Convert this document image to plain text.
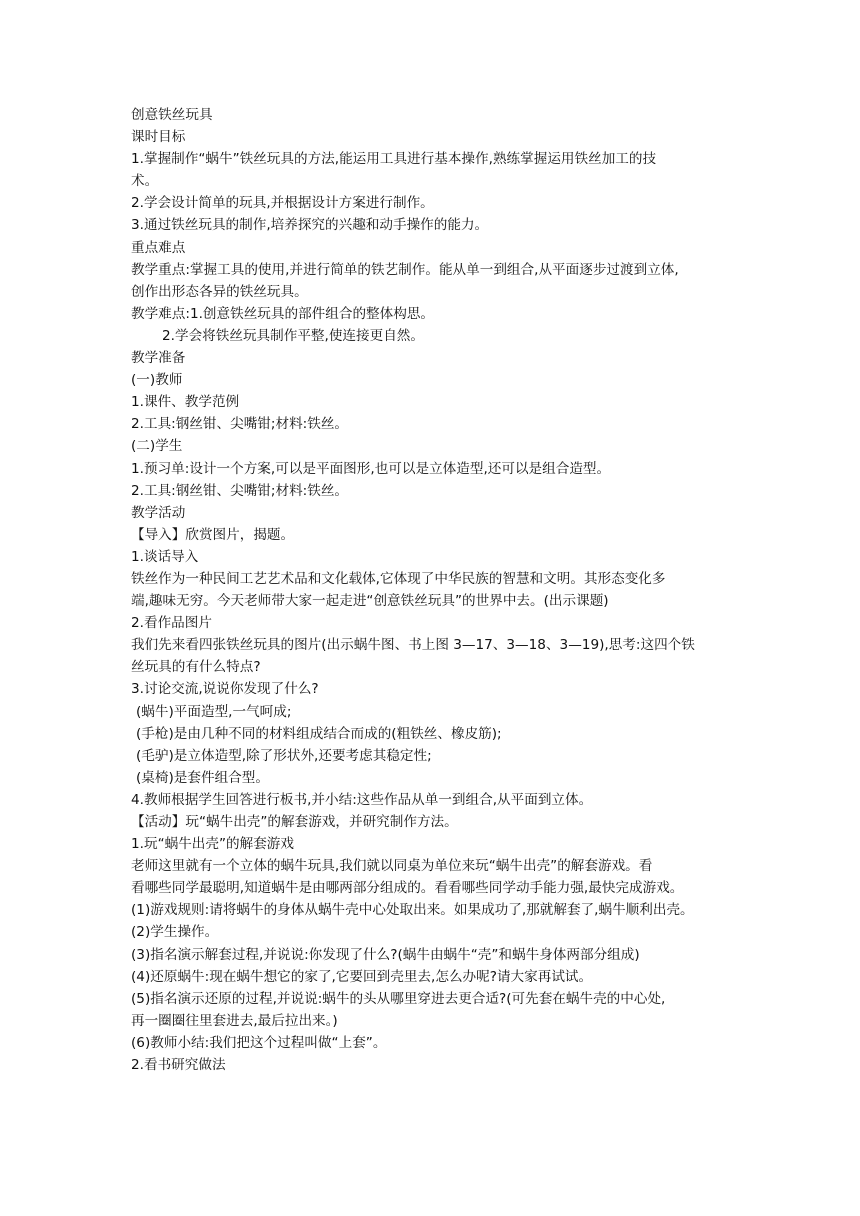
创意铁丝玩具
课时目标
1.掌握制作“蜗牛”铁丝玩具的方法,能运用工具进行基本操作,熟练掌握运用铁丝加工的技
术。
2.学会设计简单的玩具,并根据设计方案进行制作。
3.通过铁丝玩具的制作,培养探究的兴趣和动手操作的能力。
重点难点
教学重点:掌握工具的使用,并进行简单的铁艺制作。能从单一到组合,从平面逐步过渡到立体,
创作出形态各异的铁丝玩具。
教学难点:1.创意铁丝玩具的部件组合的整体构思。
2.学会将铁丝玩具制作平整,使连接更自然。
教学准备
(一)教师
1.课件、教学范例
2.工具:钢丝钳、尖嘴钳;材料:铁丝。
(二)学生
1.预习单:设计一个方案,可以是平面图形,也可以是立体造型,还可以是组合造型。
2.工具:钢丝钳、尖嘴钳;材料:铁丝。
教学活动
【导入】欣赏图片，揭题。
1.谈话导入
铁丝作为一种民间工艺艺术品和文化载体,它体现了中华民族的智慧和文明。其形态变化多
端,趣味无穷。今天老师带大家一起走进“创意铁丝玩具”的世界中去。(出示课题)
2.看作品图片
我们先来看四张铁丝玩具的图片(出示蜗牛图、书上图 3—17、3—18、3—19),思考:这四个铁
丝玩具的有什么特点?
3.讨论交流,说说你发现了什么?
(蜗牛)平面造型,一气呵成;
(手枪)是由几种不同的材料组成结合而成的(粗铁丝、橡皮筋);
(毛驴)是立体造型,除了形状外,还要考虑其稳定性;
(桌椅)是套件组合型。
4.教师根据学生回答进行板书,并小结:这些作品从单一到组合,从平面到立体。
【活动】玩“蜗牛出壳”的解套游戏，并研究制作方法。
1.玩“蜗牛出壳”的解套游戏
老师这里就有一个立体的蜗牛玩具,我们就以同桌为单位来玩“蜗牛出壳”的解套游戏。看
看哪些同学最聪明,知道蜗牛是由哪两部分组成的。看看哪些同学动手能力强,最快完成游戏。
(1)游戏规则:请将蜗牛的身体从蜗牛壳中心处取出来。如果成功了,那就解套了,蜗牛顺利出壳。
(2)学生操作。
(3)指名演示解套过程,并说说:你发现了什么?(蜗牛由蜗牛“壳”和蜗牛身体两部分组成)
(4)还原蜗牛:现在蜗牛想它的家了,它要回到壳里去,怎么办呢?请大家再试试。
(5)指名演示还原的过程,并说说:蜗牛的头从哪里穿进去更合适?(可先套在蜗牛壳的中心处,
再一圈圈往里套进去,最后拉出来。)
(6)教师小结:我们把这个过程叫做“上套”。
2.看书研究做法
